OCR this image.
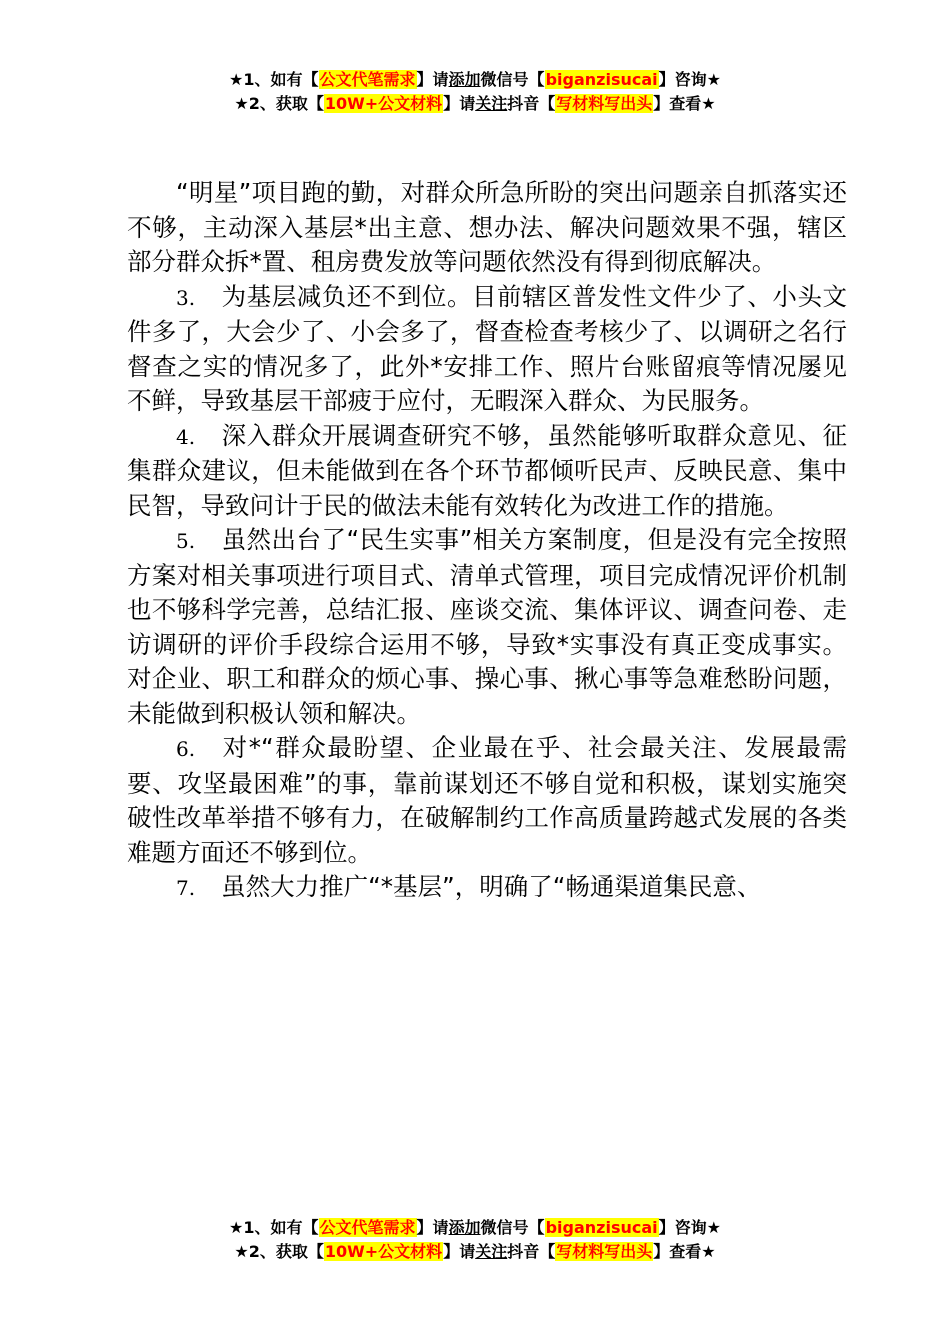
★1、如有【公文代笔需求】请添加微信号【biganzisucai】咨询★
★2、获取【10W+公文材料】请关注抖音【写材料写出头】查看★

“明星”项目跑的勤，对群众所急所盼的突出问题亲自抓落实还不够，主动深入基层*出主意、想办法、解决问题效果不强，辖区部分群众拆*置、租房费发放等问题依然没有得到彻底解决。

3. 为基层减负还不到位。目前辖区普发性文件少了、小头文件多了，大会少了、小会多了，督查检查考核少了、以调研之名行督查之实的情况多了，此外*安排工作、照片台账留痕等情况屡见不鲜，导致基层干部疲于应付，无暇深入群众、为民服务。

4. 深入群众开展调查研究不够，虽然能够听取群众意见、征集群众建议，但未能做到在各个环节都倾听民声、反映民意、集中民智，导致问计于民的做法未能有效转化为改进工作的措施。

5. 虽然出台了“民生实事”相关方案制度，但是没有完全按照方案对相关事项进行项目式、清单式管理，项目完成情况评价机制也不够科学完善，总结汇报、座谈交流、集体评议、调查问卷、走访调研的评价手段综合运用不够，导致*实事没有真正变成事实。对企业、职工和群众的烦心事、操心事、揪心事等急难愁盼问题，未能做到积极认领和解决。

6. 对*“群众最盼望、企业最在乎、社会最关注、发展最需要、攻坚最困难”的事，靠前谋划还不够自觉和积极，谋划实施突破性改革举措不够有力，在破解制约工作高质量跨越式发展的各类难题方面还不够到位。

7. 虽然大力推广“*基层”，明确了“畅通渠道集民意、

★1、如有【公文代笔需求】请添加微信号【biganzisucai】咨询★
★2、获取【10W+公文材料】请关注抖音【写材料写出头】查看★
